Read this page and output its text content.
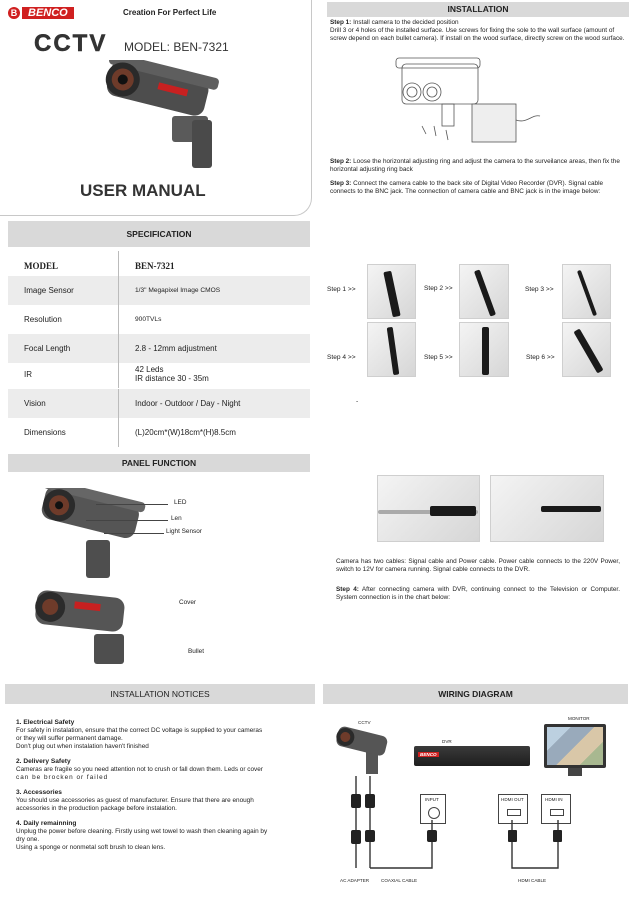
B BENCO	Creation For Perfect Life
CCTV MODEL: BEN-7321
USER MANUAL
SPECIFICATION
MODEL	BEN-7321
Image Sensor	1/3" Megapixel Image CMOS
Resolution	900TVLs
Focal Length	2.8 - 12mm adjustment
IR	42 Leds
IR distance 30 - 35m
Vision	Indoor - Outdoor / Day - Night
Dimensions	(L)20cm*(W)18cm*(H)8.5cm
PANEL FUNCTION
LED
Len
Light Sensor
Cover
Bullet
INSTALLATION
Step 1: Install camera to the decided position
Drill 3 or 4 holes of the installed surface. Use screws for fixing the sole to the wall surface (amount of screw depend on each bullet camera). If install on the wood surface, directly screw on the wood surface.
Step 2: Loose the horizontal adjusting ring and adjust the camera to the surveilance areas, then fix the horizontal adjusting ring back
Step 3: Connect the camera cable to the back site of Digital Video Recorder (DVR). Signal cable connects to the BNC jack. The connection of camera cable and BNC jack is in the image below:
Step 1 >>	Step 2 >>	Step 3 >>
Step 4 >>	Step 5 >>	Step 6 >>
-
Camera has two cables: Signal cable and Power cable. Power cable connects to the 220V Power, switch to 12V for camera running. Signal cable connects to the DVR.
Step 4: After connecting camera with DVR, continuing connect to the Television or Computer. System connection is in the chart below:
INSTALLATION NOTICES
1. Electrical Safety
For safety in instalation, ensure that the correct DC voltage is supplied to your cameras
or they will suffer permanent damage.
Don't plug out when instalation haven't finished
2. Delivery Safety
Cameras are fragile so you need attention not to crush or fall down them. Leds or cover
can be brocken or failed
3. Accessories
You should use accessories as guest of manufacturer. Ensure that there are enough
accessories in the production package before instalation.
4. Daily remainning
Unplug the power before cleaning. Firstly using wet towel to wash then cleaning again by
dry one.
Using a sponge or nonmetal soft brush to clean lens.
WIRING DIAGRAM
CCTV
MONITOR
DVR
BENCO
INPUT	HDMI OUT	HDMI IN
AC ADAPTER	COAXIAL CABLE	HDMI CABLE
